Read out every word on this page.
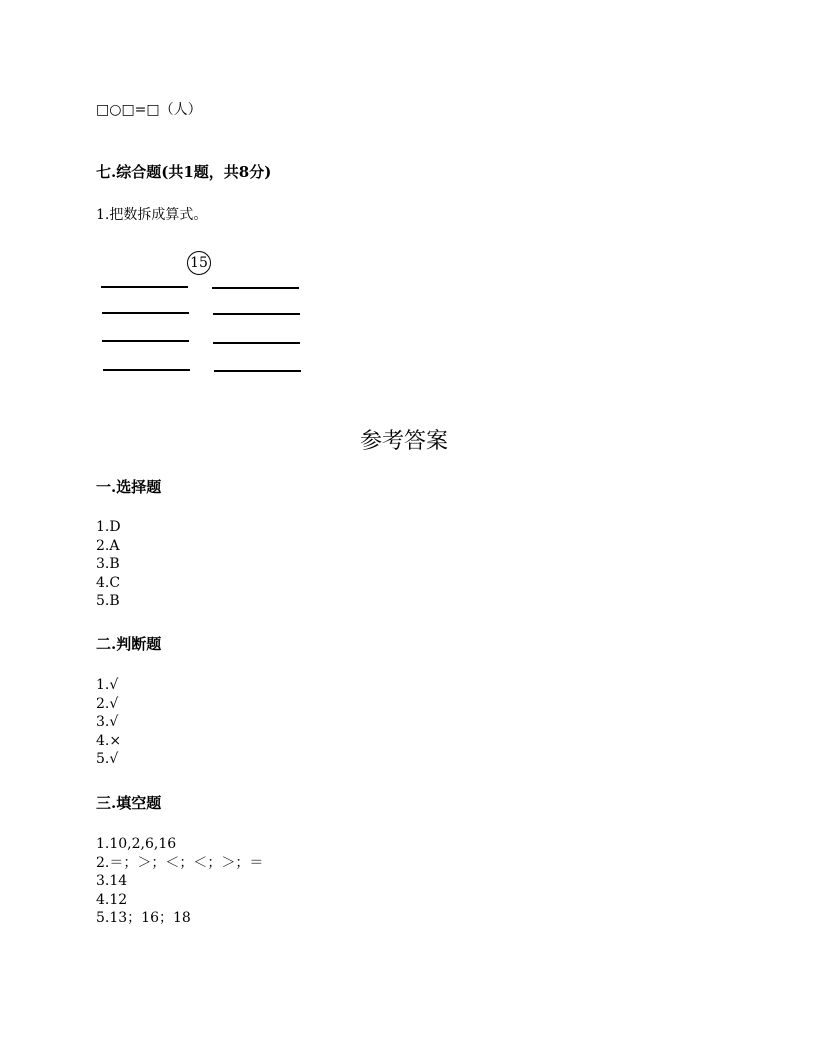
□○□=□（人）
七.综合题(共1题，共8分)
1.把数拆成算式。
15
参考答案
一.选择题
1.D
2.A
3.B
4.C
5.B
二.判断题
1.√
2.√
3.√
4.×
5.√
三.填空题
1.10,2,6,16
2.＝；＞；＜；＜；＞；＝
3.14
4.12
5.13；16；18
